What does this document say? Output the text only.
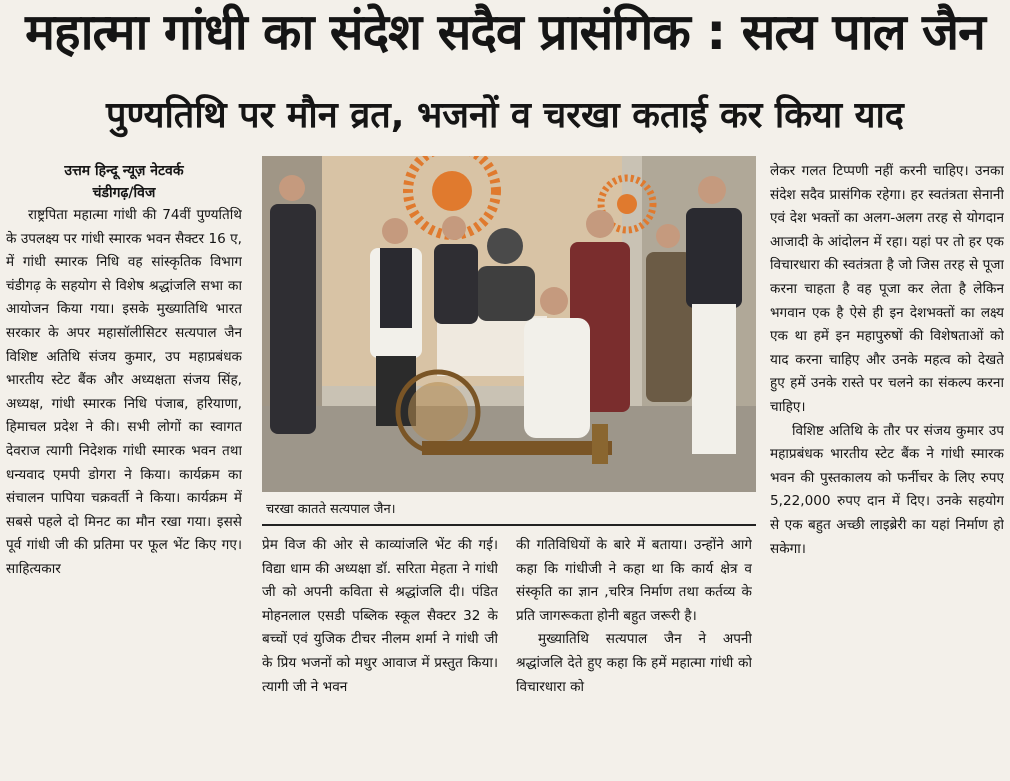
महात्मा गांधी का संदेश सदैव प्रासंगिक : सत्य पाल जैन
पुण्यतिथि पर मौन व्रत, भजनों व चरखा कताई कर किया याद
उत्तम हिन्दू न्यूज़ नेटवर्क
चंडीगढ़/विज

राष्ट्रपिता महात्मा गांधी की 74वीं पुण्यतिथि के उपलक्ष्य पर गांधी स्मारक भवन सैक्टर 16 ए, में गांधी स्मारक निधि वह सांस्कृतिक विभाग चंडीगढ़ के सहयोग से विशेष श्रद्धांजलि सभा का आयोजन किया गया। इसके मुख्यातिथि भारत सरकार के अपर महासॉलीसिटर सत्यपाल जैन विशिष्ट अतिथि संजय कुमार, उप महाप्रबंधक भारतीय स्टेट बैंक और अध्यक्षता संजय सिंह, अध्यक्ष, गांधी स्मारक निधि पंजाब, हरियाणा, हिमाचल प्रदेश ने की। सभी लोगों का स्वागत देवराज त्यागी निदेशक गांधी स्मारक भवन तथा धन्यवाद एमपी डोगरा ने किया। कार्यक्रम का संचालन पापिया चक्रवर्ती ने किया। कार्यक्रम में सबसे पहले दो मिनट का मौन रखा गया। इससे पूर्व गांधी जी की प्रतिमा पर फूल भेंट किए गए। साहित्यकार

चरखा कातते सत्यपाल जैन।

प्रेम विज की ओर से काव्यांजलि भेंट की गई। विद्या धाम की अध्यक्षा डॉ. सरिता मेहता ने गांधी जी को अपनी कविता से श्रद्धांजलि दी। पंडित मोहनलाल एसडी पब्लिक स्कूल सैक्टर 32 के बच्चों एवं युजिक टीचर नीलम शर्मा ने गांधी जी के प्रिय भजनों को मधुर आवाज में प्रस्तुत किया। त्यागी जी ने भवन

की गतिविधियों के बारे में बताया। उन्होंने आगे कहा कि गांधीजी ने कहा था कि कार्य क्षेत्र व संस्कृति का ज्ञान ,चरित्र निर्माण तथा कर्तव्य के प्रति जागरूकता होनी बहुत जरूरी है।

मुख्यातिथि सत्यपाल जैन ने अपनी श्रद्धांजलि देते हुए कहा कि हमें महात्मा गांधी को विचारधारा को

लेकर गलत टिप्पणी नहीं करनी चाहिए। उनका संदेश सदैव प्रासंगिक रहेगा। हर स्वतंत्रता सेनानी एवं देश भक्तों का अलग-अलग तरह से योगदान आजादी के आंदोलन में रहा। यहां पर तो हर एक विचारधारा की स्वतंत्रता है जो जिस तरह से पूजा करना चाहता है वह पूजा कर लेता है लेकिन भगवान एक है ऐसे ही इन देशभक्तों का लक्ष्य एक था हमें इन महापुरुषों की विशेषताओं को याद करना चाहिए और उनके महत्व को देखते हुए हमें उनके रास्ते पर चलने का संकल्प करना चाहिए।

विशिष्ट अतिथि के तौर पर संजय कुमार उप महाप्रबंधक भारतीय स्टेट बैंक ने गांधी स्मारक भवन की पुस्तकालय को फर्नीचर के लिए रुपए 5,22,000 रुपए दान में दिए। उनके सहयोग से एक बहुत अच्छी लाइब्रेरी का यहां निर्माण हो सकेगा।
